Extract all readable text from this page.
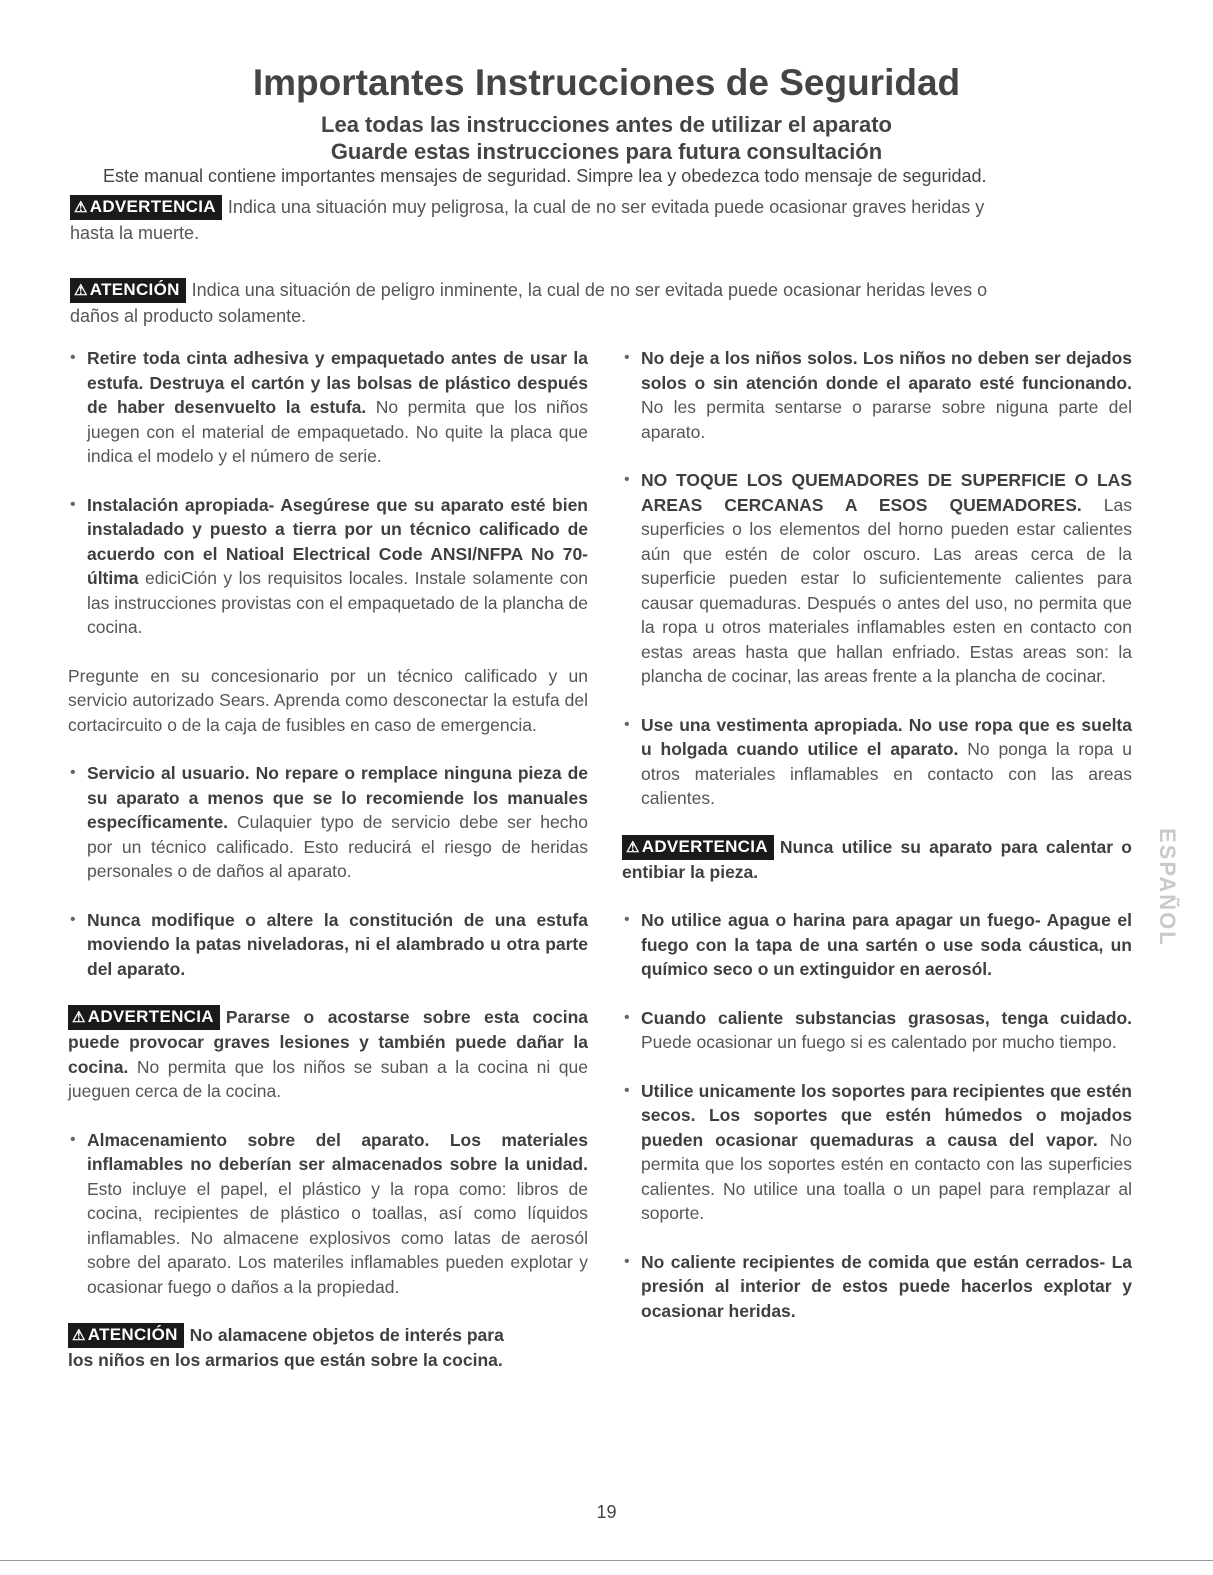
Importantes Instrucciones de Seguridad
Lea todas las instrucciones antes de utilizar el aparato
Guarde estas instrucciones para futura consultación

Este manual contiene importantes mensajes de seguridad. Simpre lea y obedezca todo mensaje de seguridad.

⚠ ADVERTENCIA Indica una situación muy peligrosa, la cual de no ser evitada puede ocasionar graves heridas y
hasta la muerte.
⚠ ATENCIÓN Indica una situación de peligro inminente, la cual de no ser evitada puede ocasionar heridas leves o
daños al producto solamente.
• Retire toda cinta adhesiva y empaquetado antes de usar la estufa. Destruya el cartón y las bolsas de plástico después de haber desenvuelto la estufa. No permita que los niños juegen con el material de empaquetado. No quite la placa que indica el modelo y el número de serie.
• Instalación apropiada- Asegúrese que su aparato esté bien instaladado y puesto a tierra por un técnico calificado de acuerdo con el Natioal Electrical Code ANSI/NFPA No 70- última ediciCión y los requisitos locales. Instale solamente con las instrucciones provistas con el empaquetado de la plancha de cocina.
Pregunte en su concesionario por un técnico calificado y un servicio autorizado Sears. Aprenda como desconectar la estufa del cortacircuito o de la caja de fusibles en caso de emergencia.
• Servicio al usuario. No repare o remplace ninguna pieza de su aparato a menos que se lo recomiende los manuales específicamente. Culaquier typo de servicio debe ser hecho por un técnico calificado. Esto reducirá el riesgo de heridas personales o de daños al aparato.
• Nunca modifique o altere la constitución de una estufa moviendo la patas niveladoras, ni el alambrado u otra parte del aparato.
⚠ ADVERTENCIA Pararse o acostarse sobre esta cocina puede provocar graves lesiones y también puede dañar la cocina. No permita que los niños se suban a la cocina ni que jueguen cerca de la cocina.
• Almacenamiento sobre del aparato. Los materiales inflamables no deberían ser almacenados sobre la unidad. Esto incluye el papel, el plástico y la ropa como: libros de cocina, recipientes de plástico o toallas, así como líquidos inflamables. No almacene explosivos como latas de aerosól sobre del aparato. Los materiles inflamables pueden explotar y ocasionar fuego o daños a la propiedad.
⚠ ATENCIÓN No alamacene objetos de interés para
los niños en los armarios que están sobre la cocina.
• No deje a los niños solos. Los niños no deben ser dejados solos o sin atención donde el aparato esté funcionando. No les permita sentarse o pararse sobre niguna parte del aparato.
• NO TOQUE LOS QUEMADORES DE SUPERFICIE O LAS AREAS CERCANAS A ESOS QUEMADORES. Las superficies o los elementos del horno pueden estar calientes aún que estén de color oscuro. Las areas cerca de la superficie pueden estar lo suficientemente calientes para causar quemaduras. Después o antes del uso, no permita que la ropa u otros materiales inflamables esten en contacto con estas areas hasta que hallan enfriado. Estas areas son: la plancha de cocinar, las areas frente a la plancha de cocinar.
• Use una vestimenta apropiada. No use ropa que es suelta u holgada cuando utilice el aparato. No ponga la ropa u otros materiales inflamables en contacto con las areas calientes.
⚠ ADVERTENCIA Nunca utilice su aparato para calentar o entibiar la pieza.
• No utilice agua o harina para apagar un fuego- Apague el fuego con la tapa de una sartén o use soda cáustica, un químico seco o un extinguidor en aerosól.
• Cuando caliente substancias grasosas, tenga cuidado. Puede ocasionar un fuego si es calentado por mucho tiempo.
• Utilice unicamente los soportes para recipientes que estén secos. Los soportes que estén húmedos o mojados pueden ocasionar quemaduras a causa del vapor. No permita que los soportes estén en contacto con las superficies calientes. No utilice una toalla o un papel para remplazar al soporte.
• No caliente recipientes de comida que están cerrados- La presión al interior de estos puede hacerlos explotar y ocasionar heridas.
ESPAÑOL
19
